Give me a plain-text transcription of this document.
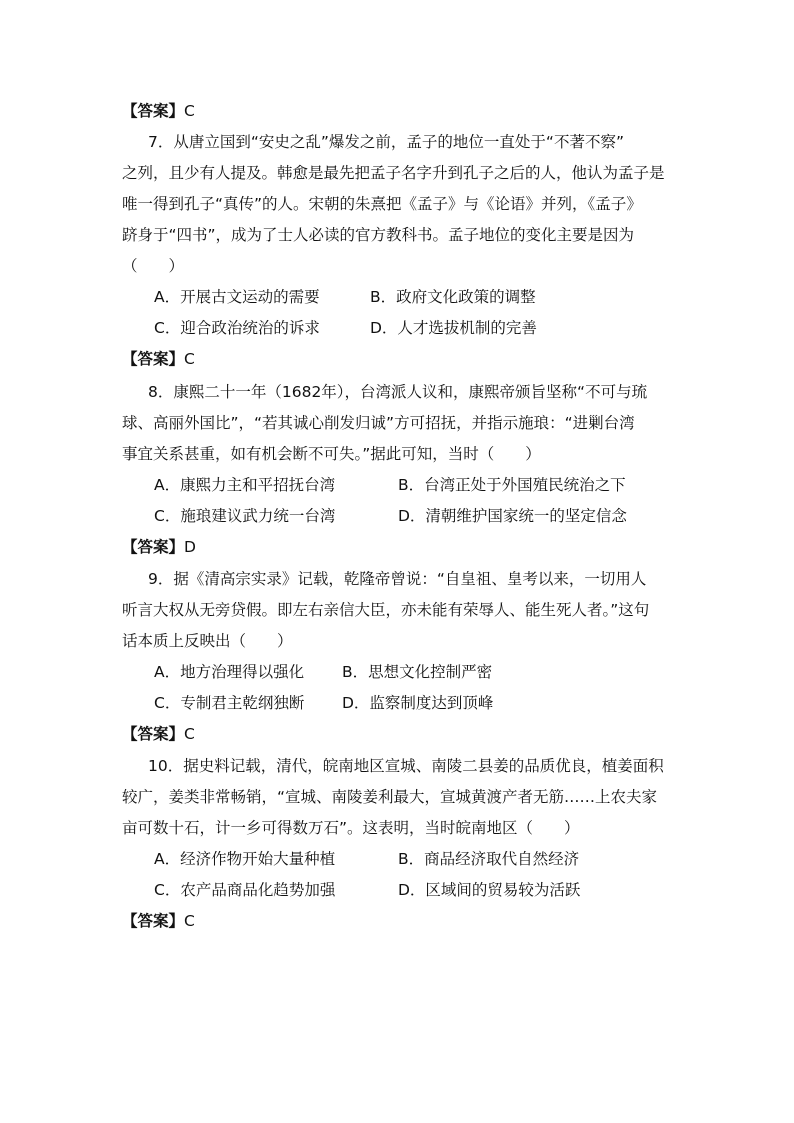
【答案】C
7．从唐立国到“安史之乱”爆发之前，孟子的地位一直处于“不著不察”
之列，且少有人提及。韩愈是最先把孟子名字升到孔子之后的人，他认为孟子是
唯一得到孔子“真传”的人。宋朝的朱熹把《孟子》与《论语》并列，《孟子》
跻身于“四书”，成为了士人必读的官方教科书。孟子地位的变化主要是因为
（　　）
A．开展古文运动的需要	B．政府文化政策的调整
C．迎合政治统治的诉求	D．人才选拔机制的完善
【答案】C
8．康熙二十一年（1682年），台湾派人议和，康熙帝颁旨坚称“不可与琉
球、高丽外国比”，“若其诚心削发归诚”方可招抚，并指示施琅：“进剿台湾
事宜关系甚重，如有机会断不可失。”据此可知，当时（　　）
A．康熙力主和平招抚台湾	B．台湾正处于外国殖民统治之下
C．施琅建议武力统一台湾	D．清朝维护国家统一的坚定信念
【答案】D
9．据《清高宗实录》记载，乾隆帝曾说：“自皇祖、皇考以来，一切用人
听言大权从无旁贷假。即左右亲信大臣，亦未能有荣辱人、能生死人者。”这句
话本质上反映出（　　）
A．地方治理得以强化	B．思想文化控制严密
C．专制君主乾纲独断	D．监察制度达到顶峰
【答案】C
10．据史料记载，清代，皖南地区宣城、南陵二县姜的品质优良，植姜面积
较广，姜类非常畅销，“宣城、南陵姜利最大，宣城黄渡产者无筋……上农夫家
亩可数十石，计一乡可得数万石”。这表明，当时皖南地区（　　）
A．经济作物开始大量种植	B．商品经济取代自然经济
C．农产品商品化趋势加强	D．区域间的贸易较为活跃
【答案】C
